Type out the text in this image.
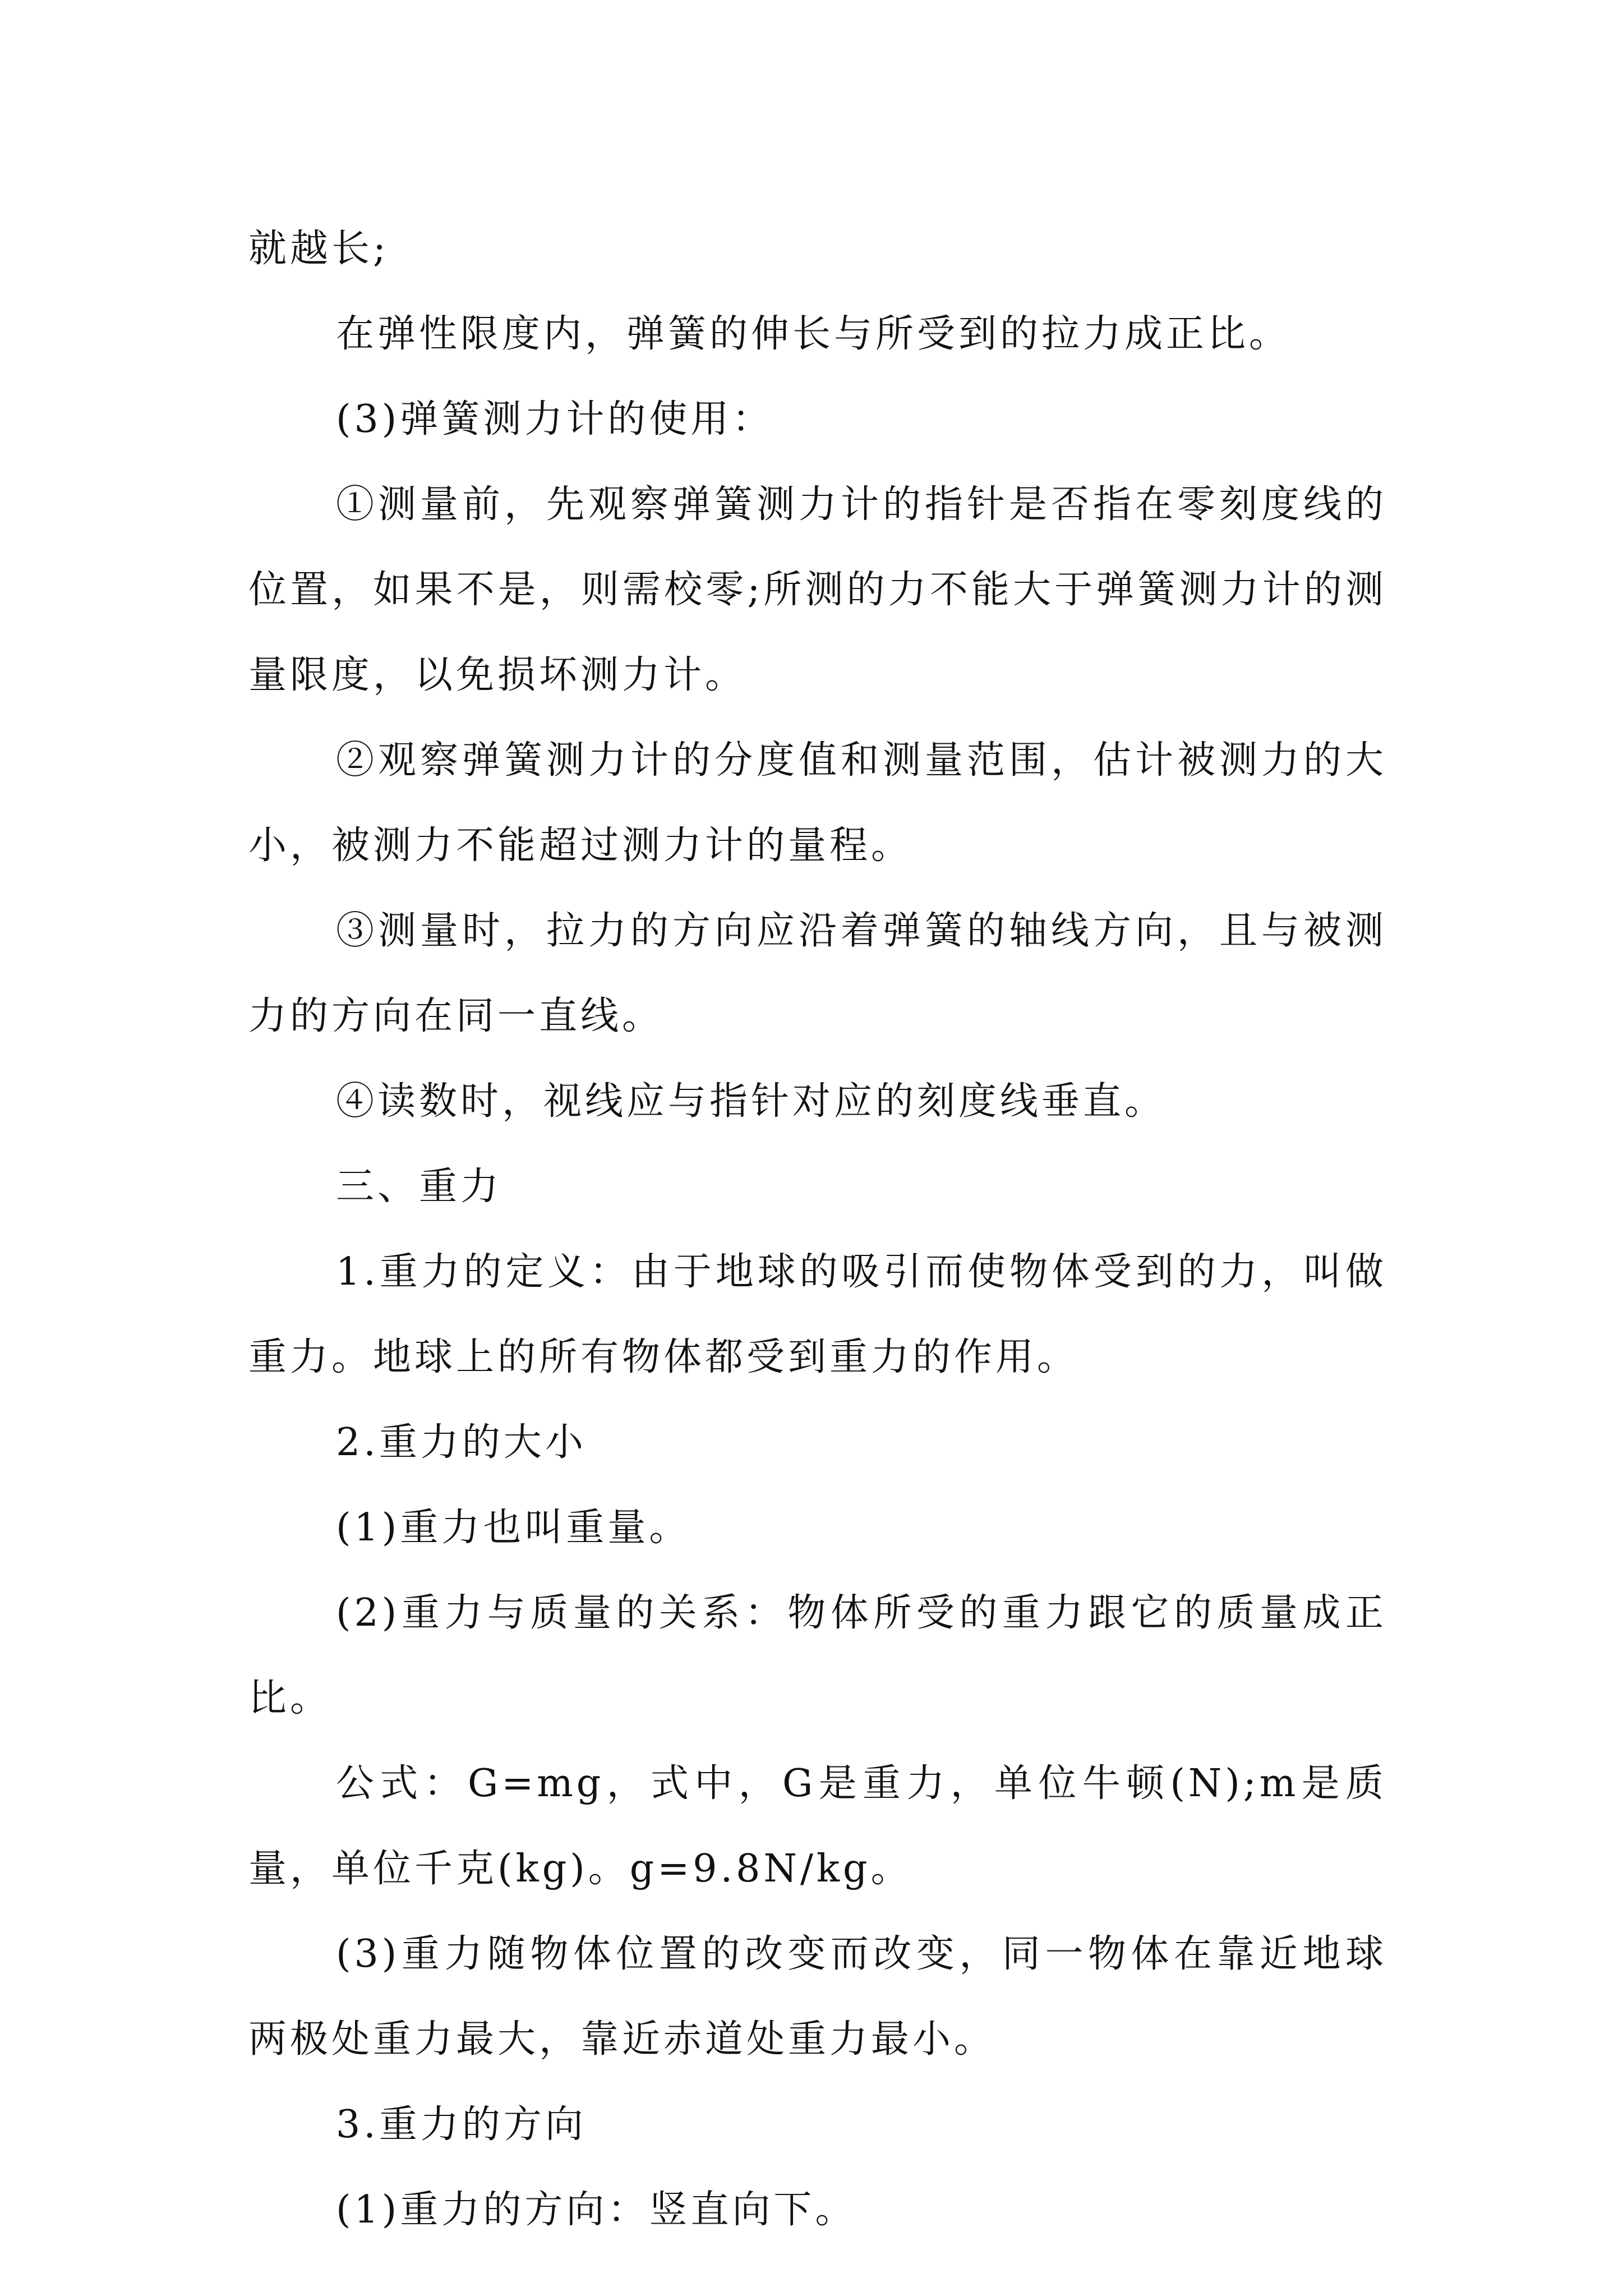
就越长;

在弹性限度内，弹簧的伸长与所受到的拉力成正比。

(3)弹簧测力计的使用：

①测量前，先观察弹簧测力计的指针是否指在零刻度线的位置，如果不是，则需校零;所测的力不能大于弹簧测力计的测量限度，以免损坏测力计。

②观察弹簧测力计的分度值和测量范围，估计被测力的大小，被测力不能超过测力计的量程。

③测量时，拉力的方向应沿着弹簧的轴线方向，且与被测力的方向在同一直线。

④读数时，视线应与指针对应的刻度线垂直。

三、重力

1.重力的定义：由于地球的吸引而使物体受到的力，叫做重力。地球上的所有物体都受到重力的作用。

2.重力的大小

(1)重力也叫重量。

(2)重力与质量的关系：物体所受的重力跟它的质量成正比。

公式：G=mg，式中，G是重力，单位牛顿(N);m是质量，单位千克(kg)。g=9.8N/kg。

(3)重力随物体位置的改变而改变，同一物体在靠近地球两极处重力最大，靠近赤道处重力最小。

3.重力的方向

(1)重力的方向：竖直向下。
